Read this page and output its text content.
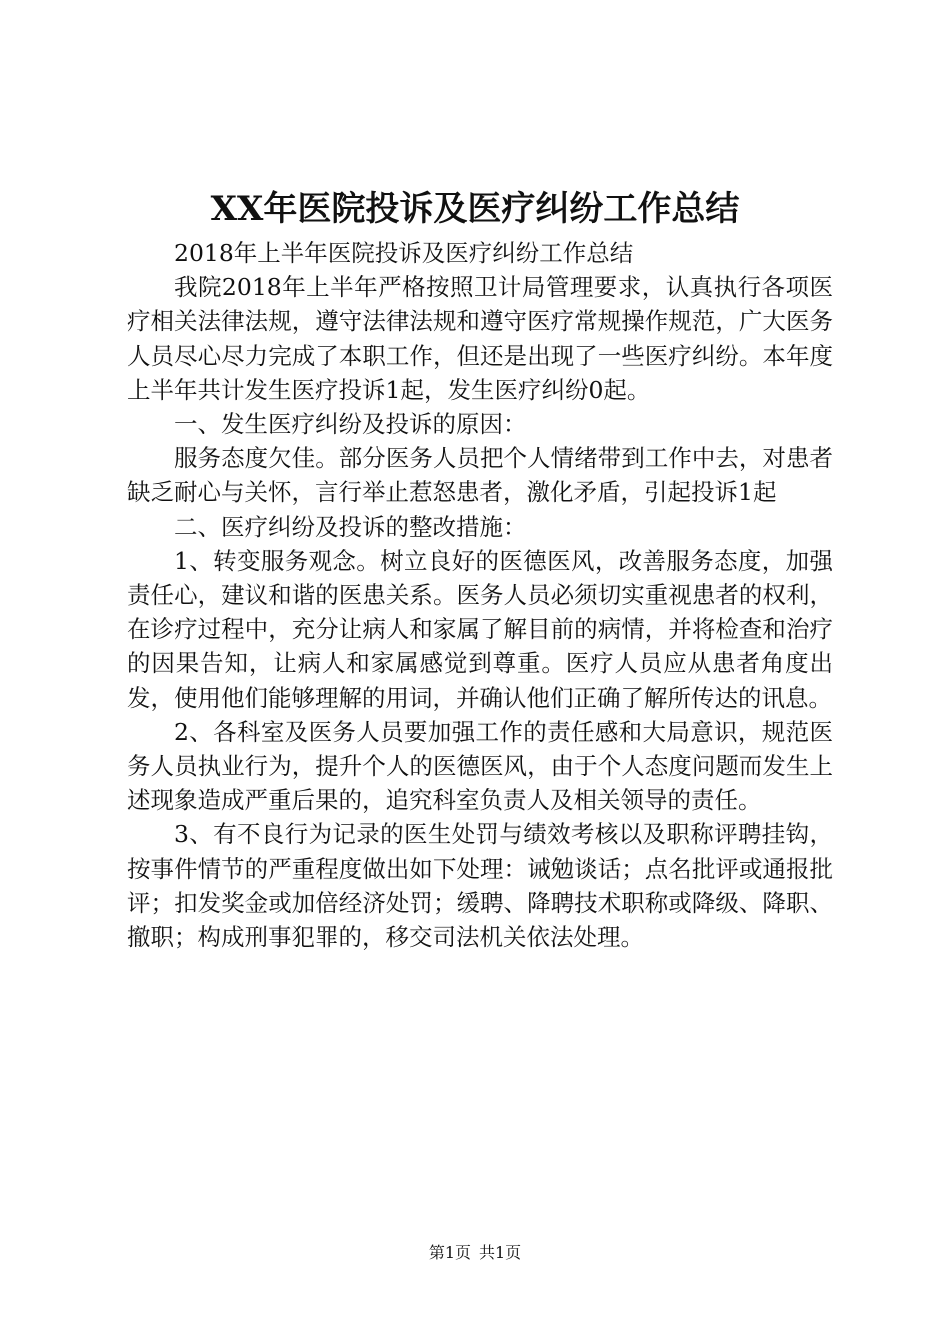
XX年医院投诉及医疗纠纷工作总结

2018年上半年医院投诉及医疗纠纷工作总结

我院2018年上半年严格按照卫计局管理要求，认真执行各项医疗相关法律法规，遵守法律法规和遵守医疗常规操作规范，广大医务人员尽心尽力完成了本职工作，但还是出现了一些医疗纠纷。本年度上半年共计发生医疗投诉1起，发生医疗纠纷0起。

一、发生医疗纠纷及投诉的原因：

服务态度欠佳。部分医务人员把个人情绪带到工作中去，对患者缺乏耐心与关怀，言行举止惹怒患者，激化矛盾，引起投诉1起

二、医疗纠纷及投诉的整改措施：

1、转变服务观念。树立良好的医德医风，改善服务态度，加强责任心，建议和谐的医患关系。医务人员必须切实重视患者的权利，在诊疗过程中，充分让病人和家属了解目前的病情，并将检查和治疗的因果告知，让病人和家属感觉到尊重。医疗人员应从患者角度出发，使用他们能够理解的用词，并确认他们正确了解所传达的讯息。

2、各科室及医务人员要加强工作的责任感和大局意识，规范医务人员执业行为，提升个人的医德医风，由于个人态度问题而发生上述现象造成严重后果的，追究科室负责人及相关领导的责任。

3、有不良行为记录的医生处罚与绩效考核以及职称评聘挂钩，按事件情节的严重程度做出如下处理：诫勉谈话；点名批评或通报批评；扣发奖金或加倍经济处罚；缓聘、降聘技术职称或降级、降职、撤职；构成刑事犯罪的，移交司法机关依法处理。

第1页 共1页
